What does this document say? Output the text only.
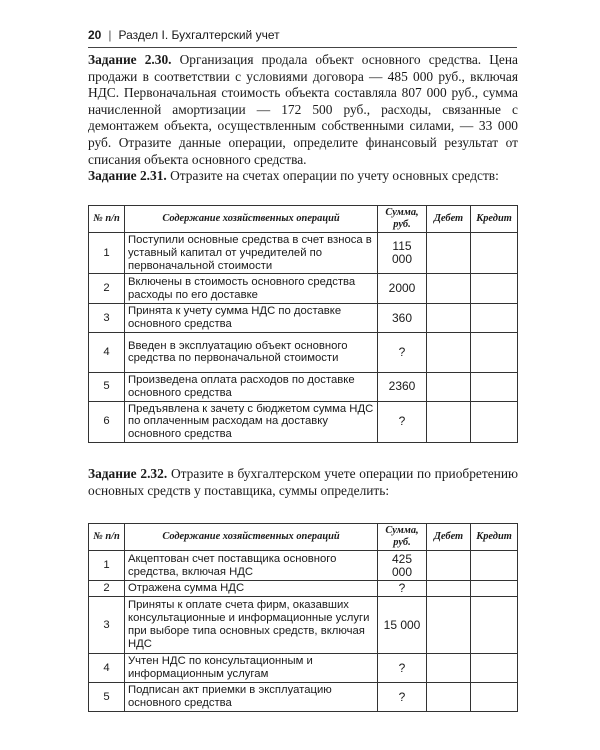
20 | Раздел I. Бухгалтерский учет

Задание 2.30. Организация продала объект основного средства. Цена продажи в соответствии с условиями договора — 485 000 руб., включая НДС. Первоначальная стоимость объекта составляла 807 000 руб., сумма начисленной амортизации — 172 500 руб., расходы, связанные с демонтажем объекта, осуществленным собственными силами, — 33 000 руб. Отразите данные операции, определите финансовый результат от списания объекта основного средства.

Задание 2.31. Отразите на счетах операции по учету основных средств:

№ п/п	Содержание хозяйственных операций	Сумма, руб.	Дебет	Кредит
1	Поступили основные средства в счет взноса в уставный капитал от учредителей по первоначальной стоимости	115 000		
2	Включены в стоимость основного средства расходы по его доставке	2000		
3	Принята к учету сумма НДС по доставке основного средства	360		
4	Введен в эксплуатацию объект основного средства по первоначальной стоимости	?		
5	Произведена оплата расходов по доставке основного средства	2360		
6	Предъявлена к зачету с бюджетом сумма НДС по оплаченным расходам на доставку основного средства	?		

Задание 2.32. Отразите в бухгалтерском учете операции по приобретению основных средств у поставщика, суммы определить:

№ п/п	Содержание хозяйственных операций	Сумма, руб.	Дебет	Кредит
1	Акцептован счет поставщика основного средства, включая НДС	425 000		
2	Отражена сумма НДС	?		
3	Приняты к оплате счета фирм, оказавших консультационные и информационные услуги при выборе типа основных средств, включая НДС	15 000		
4	Учтен НДС по консультационным и информационным услугам	?		
5	Подписан акт приемки в эксплуатацию основного средства	?		
